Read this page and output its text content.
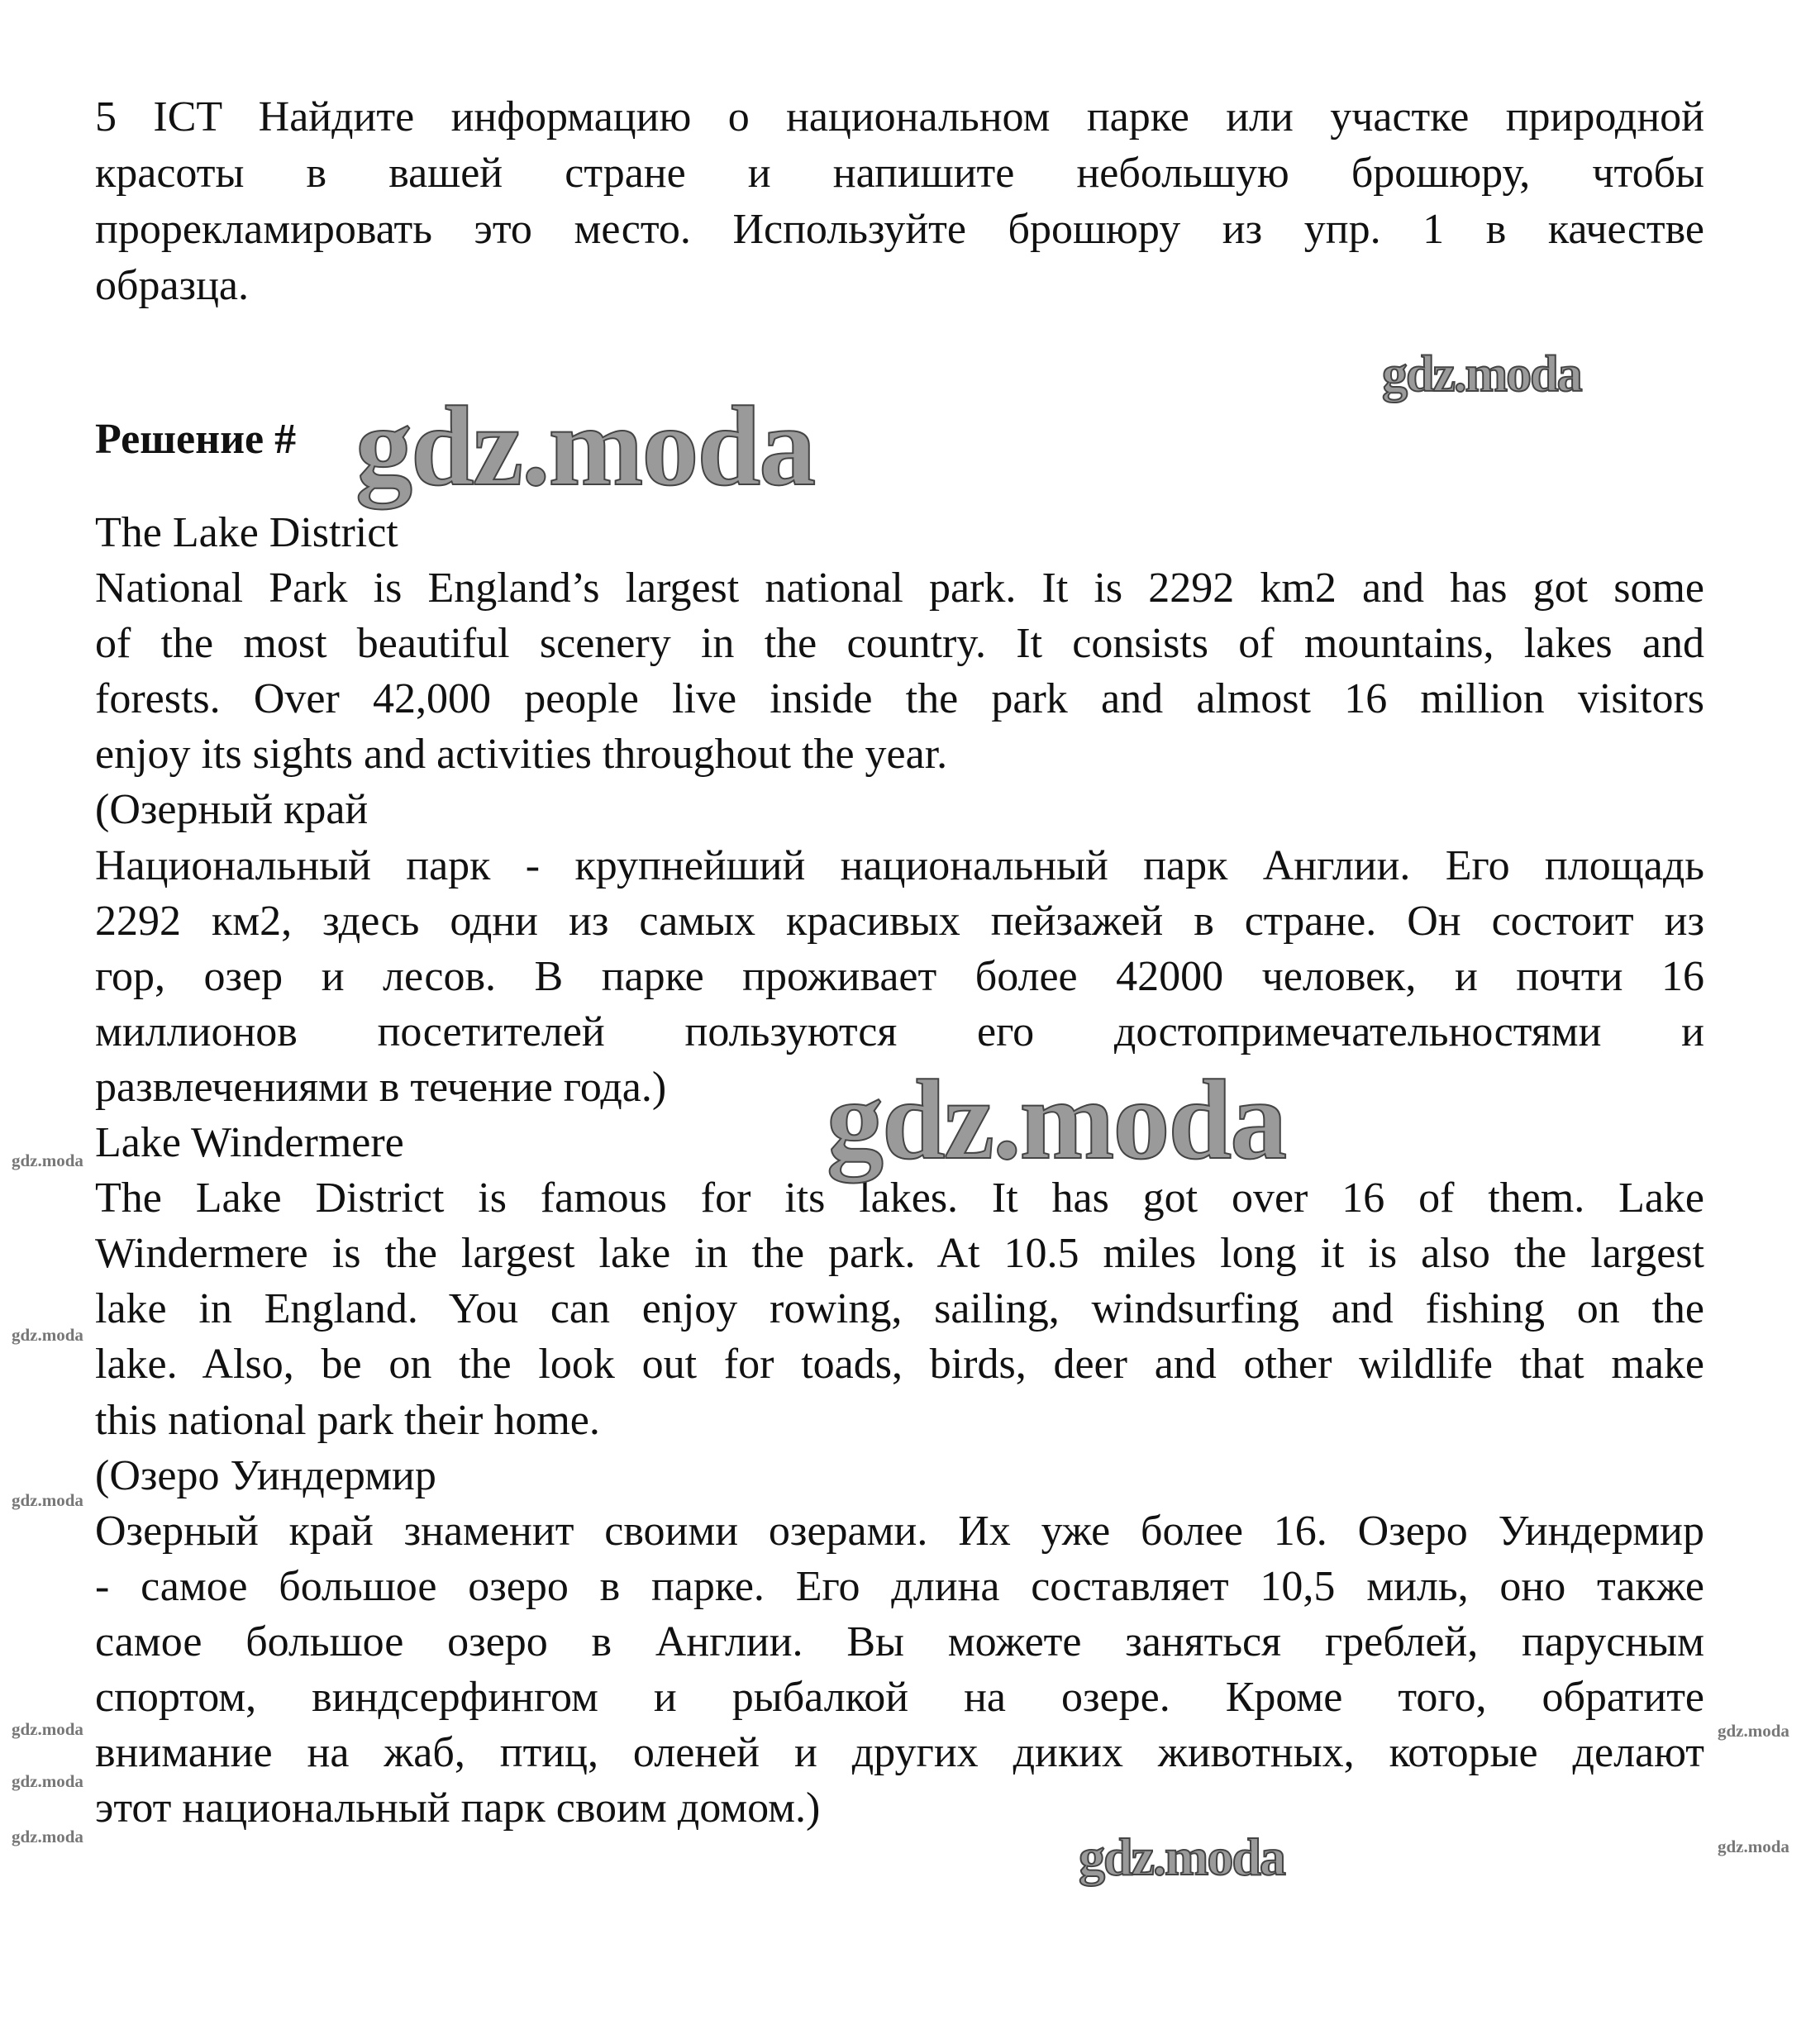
5 ICT Найдите информацию о национальном парке или участке природной
красоты в вашей стране и напишите небольшую брошюру, чтобы
прорекламировать это место. Используйте брошюру из упр. 1 в качестве
образца.
Решение #
The Lake District
National Park is England’s largest national park. It is 2292 km2 and has got some
of the most beautiful scenery in the country. It consists of mountains, lakes and
forests. Over 42,000 people live inside the park and almost 16 million visitors
enjoy its sights and activities throughout the year.
(Озерный край
Национальный парк - крупнейший национальный парк Англии. Его площадь
2292 км2, здесь одни из самых красивых пейзажей в стране. Он состоит из
гор, озер и лесов. В парке проживает более 42000 человек, и почти 16
миллионов посетителей пользуются его достопримечательностями и
развлечениями в течение года.)
Lake Windermere
The Lake District is famous for its lakes. It has got over 16 of them. Lake
Windermere is the largest lake in the park. At 10.5 miles long it is also the largest
lake in England. You can enjoy rowing, sailing, windsurfing and fishing on the
lake. Also, be on the look out for toads, birds, deer and other wildlife that make
this national park their home.
(Озеро Уиндермир
Озерный край знаменит своими озерами. Их уже более 16. Озеро Уиндермир
- самое большое озеро в парке. Его длина составляет 10,5 миль, оно также
самое большое озеро в Англии. Вы можете заняться греблей, парусным
спортом, виндсерфингом и рыбалкой на озере. Кроме того, обратите
внимание на жаб, птиц, оленей и других диких животных, которые делают
этот национальный парк своим домом.)
gdz.moda
gdz.moda
gdz.moda
gdz.moda
gdz.moda
gdz.moda
gdz.moda
gdz.moda
gdz.moda
gdz.moda
gdz.moda
gdz.moda
